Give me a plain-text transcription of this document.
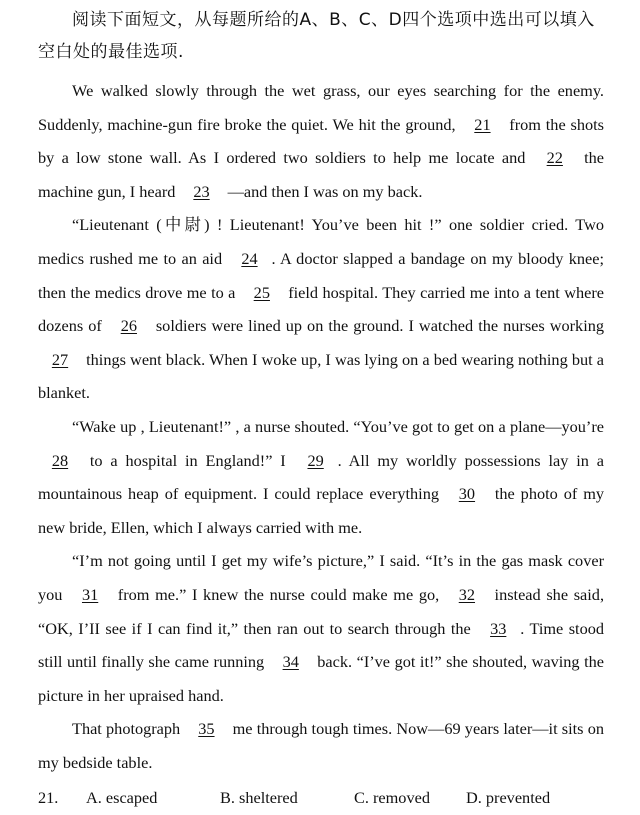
阅读下面短文，从每题所给的A、B、C、D四个选项中选出可以填入空白处的最佳选项.

We walked slowly through the wet grass, our eyes searching for the enemy. Suddenly, machine-gun fire broke the quiet. We hit the ground, 21 from the shots by a low stone wall. As I ordered two soldiers to help me locate and 22 the machine gun, I heard 23 —and then I was on my back.

“Lieutenant (中尉) ! Lieutenant! You’ve been hit !” one soldier cried. Two medics rushed me to an aid 24 . A doctor slapped a bandage on my bloody knee; then the medics drove me to a 25 field hospital. They carried me into a tent where dozens of 26 soldiers were lined up on the ground. I watched the nurses working 27 things went black. When I woke up, I was lying on a bed wearing nothing but a blanket.

“Wake up , Lieutenant!” , a nurse shouted. “You’ve got to get on a plane—you’re 28 to a hospital in England!” I 29 . All my worldly possessions lay in a mountainous heap of equipment. I could replace everything 30 the photo of my new bride, Ellen, which I always carried with me.

“I’m not going until I get my wife’s picture,” I said. “It’s in the gas mask cover you 31 from me.” I knew the nurse could make me go, 32 instead she said, “OK, I’II see if I can find it,” then ran out to search through the 33 . Time stood still until finally she came running 34 back. “I’ve got it!” she shouted, waving the picture in her upraised hand.

That photograph 35 me through tough times. Now—69 years later—it sits on my bedside table.

21.	A. escaped	B. sheltered	C. removed	D. prevented
